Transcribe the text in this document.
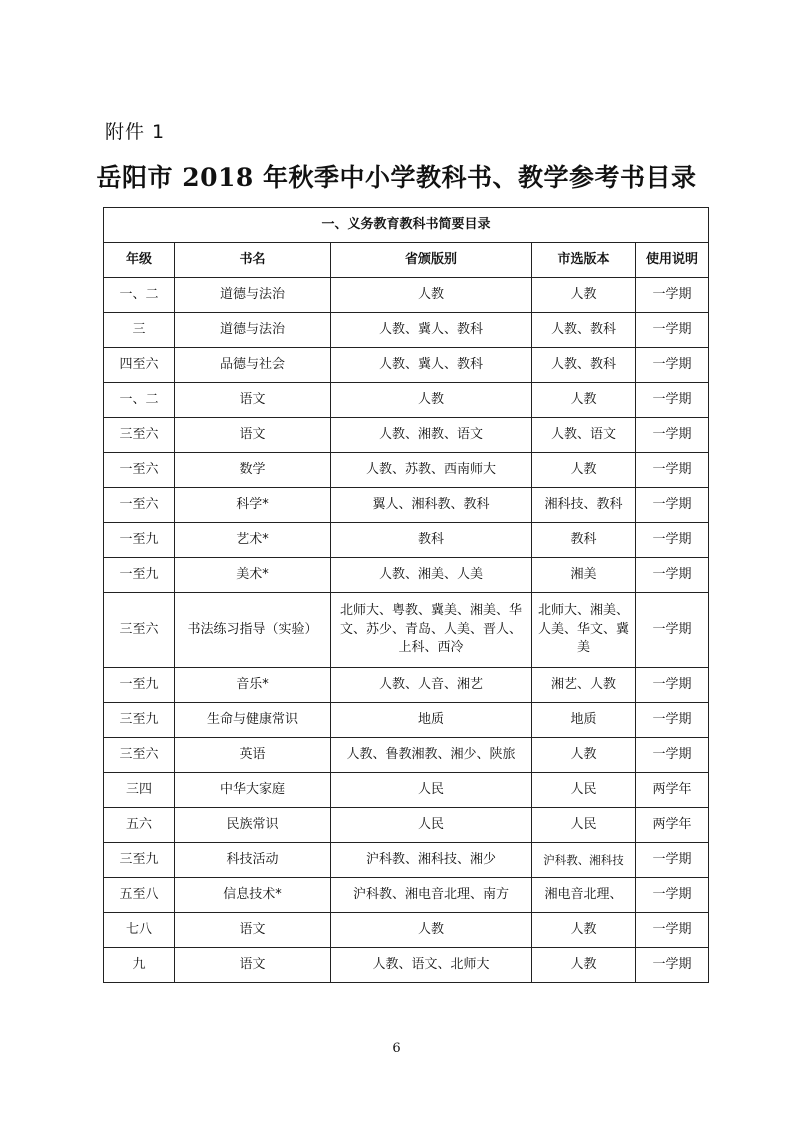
附件 1
岳阳市 2018 年秋季中小学教科书、教学参考书目录
一、义务教育教科书简要目录				
年级	书名	省颁版别	市选版本	使用说明
一、二	道德与法治	人教	人教	一学期
三	道德与法治	人教、冀人、教科	人教、教科	一学期
四至六	品德与社会	人教、冀人、教科	人教、教科	一学期
一、二	语文	人教	人教	一学期
三至六	语文	人教、湘教、语文	人教、语文	一学期
一至六	数学	人教、苏教、西南师大	人教	一学期
一至六	科学*	翼人、湘科教、教科	湘科技、教科	一学期
一至九	艺术*	教科	教科	一学期
一至九	美术*	人教、湘美、人美	湘美	一学期
三至六	书法练习指导（实验）	北师大、粤教、冀美、湘美、华文、苏少、青岛、人美、晋人、上科、西冷	北师大、湘美、人美、华文、冀美	一学期
一至九	音乐*	人教、人音、湘艺	湘艺、人教	一学期
三至九	生命与健康常识	地质	地质	一学期
三至六	英语	人教、鲁教湘教、湘少、陕旅	人教	一学期
三四	中华大家庭	人民	人民	两学年
五六	民族常识	人民	人民	两学年
三至九	科技活动	沪科教、湘科技、湘少	沪科教、湘科技	一学期
五至八	信息技术*	沪科教、湘电音北理、南方	湘电音北理、	一学期
七八	语文	人教	人教	一学期
九	语文	人教、语文、北师大	人教	一学期
6
